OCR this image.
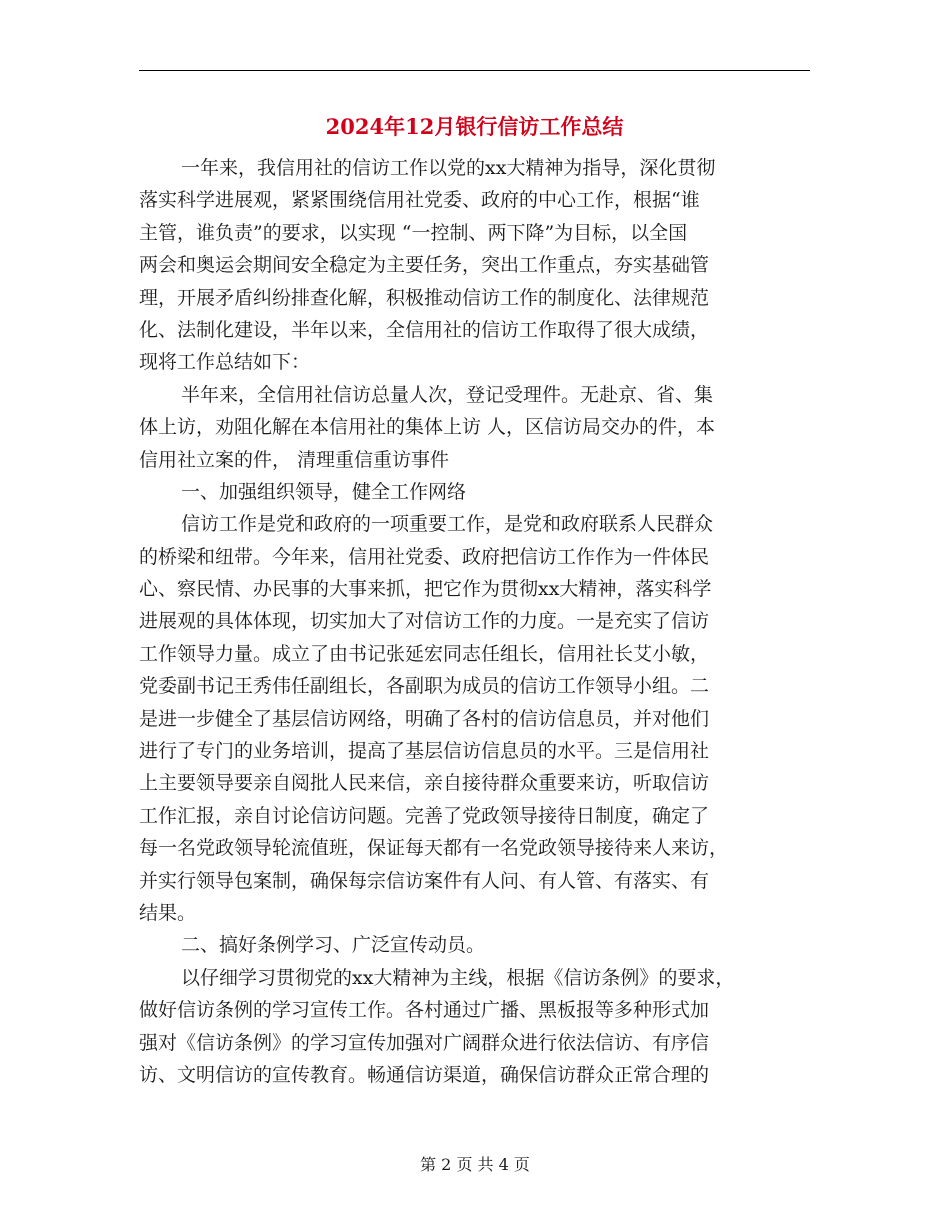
2024年12月银行信访工作总结
一年来，我信用社的信访工作以党的xx大精神为指导，深化贯彻
落实科学进展观，紧紧围绕信用社党委、政府的中心工作，根据“谁
主管，谁负责”的要求，以实现 “一控制、两下降”为目标，以全国
两会和奥运会期间安全稳定为主要任务，突出工作重点，夯实基础管
理，开展矛盾纠纷排查化解，积极推动信访工作的制度化、法律规范
化、法制化建设，半年以来，全信用社的信访工作取得了很大成绩，
现将工作总结如下：
半年来，全信用社信访总量人次，登记受理件。无赴京、省、集
体上访，劝阻化解在本信用社的集体上访 人，区信访局交办的件，本
信用社立案的件， 清理重信重访事件
一、加强组织领导，健全工作网络
信访工作是党和政府的一项重要工作，是党和政府联系人民群众
的桥梁和纽带。今年来，信用社党委、政府把信访工作作为一件体民
心、察民情、办民事的大事来抓，把它作为贯彻xx大精神，落实科学
进展观的具体体现，切实加大了对信访工作的力度。一是充实了信访
工作领导力量。成立了由书记张延宏同志任组长，信用社长艾小敏，
党委副书记王秀伟任副组长，各副职为成员的信访工作领导小组。二
是进一步健全了基层信访网络，明确了各村的信访信息员，并对他们
进行了专门的业务培训，提高了基层信访信息员的水平。三是信用社
上主要领导要亲自阅批人民来信，亲自接待群众重要来访，听取信访
工作汇报，亲自讨论信访问题。完善了党政领导接待日制度，确定了
每一名党政领导轮流值班，保证每天都有一名党政领导接待来人来访，
并实行领导包案制，确保每宗信访案件有人问、有人管、有落实、有
结果。
二、搞好条例学习、广泛宣传动员。
以仔细学习贯彻党的xx大精神为主线，根据《信访条例》的要求，
做好信访条例的学习宣传工作。各村通过广播、黑板报等多种形式加
强对《信访条例》的学习宣传加强对广阔群众进行依法信访、有序信
访、文明信访的宣传教育。畅通信访渠道，确保信访群众正常合理的
第 2 页 共 4 页
